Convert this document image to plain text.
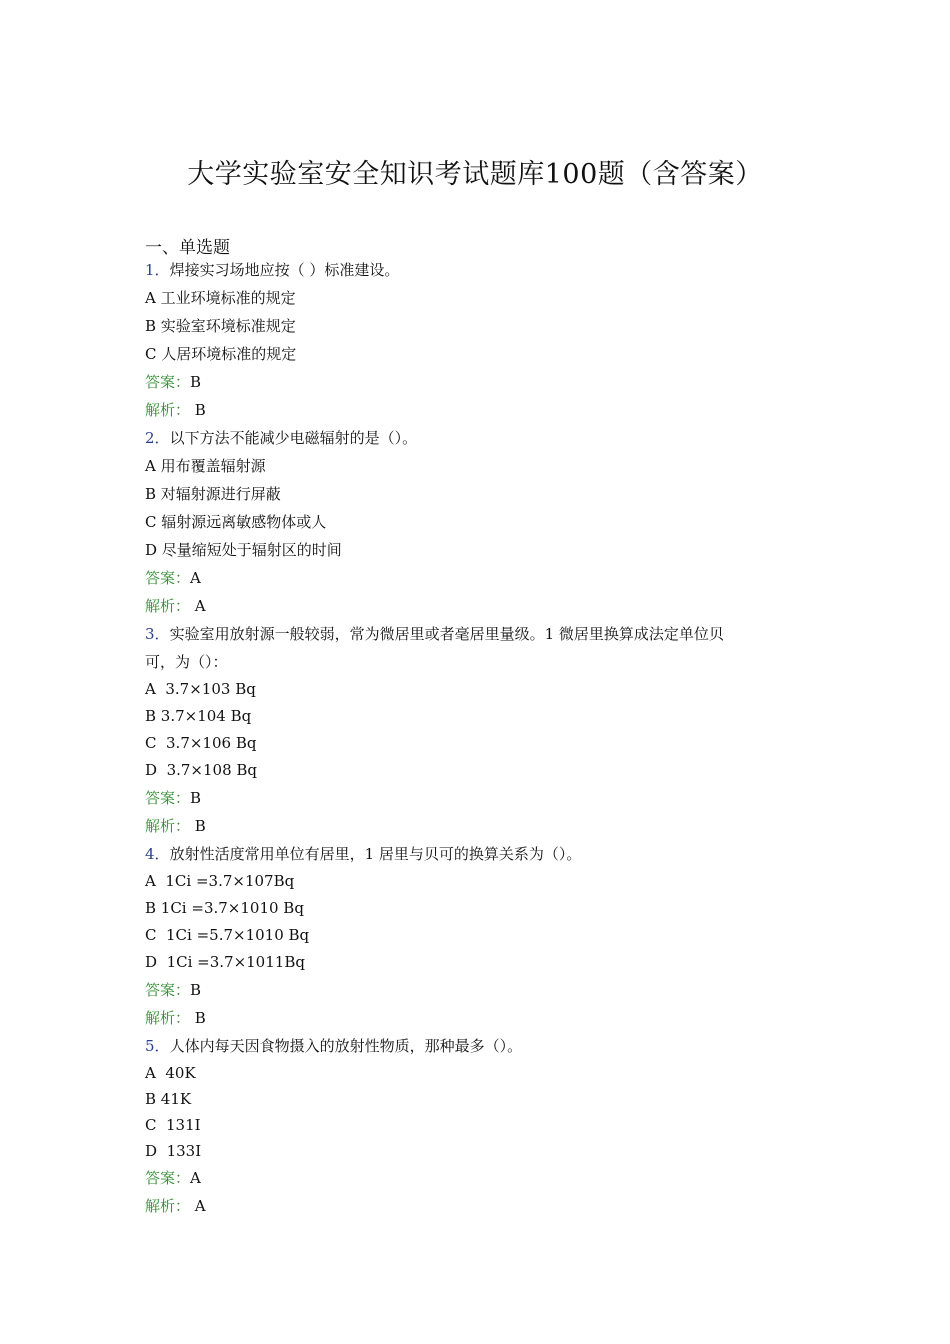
大学实验室安全知识考试题库100题（含答案）
一、单选题
1．焊接实习场地应按（ ）标准建设。
A 工业环境标准的规定
B 实验室环境标准规定
C 人居环境标准的规定
答案：B
解析： B
2．以下方法不能减少电磁辐射的是（）。
A 用布覆盖辐射源
B 对辐射源进行屏蔽
C 辐射源远离敏感物体或人
D 尽量缩短处于辐射区的时间
答案：A
解析： A
3．实验室用放射源一般较弱，常为微居里或者毫居里量级。1 微居里换算成法定单位贝
可，为（）：
A  3.7×103 Bq
B 3.7×104 Bq
C  3.7×106 Bq
D  3.7×108 Bq
答案：B
解析： B
4．放射性活度常用单位有居里，1 居里与贝可的换算关系为（）。
A  1Ci =3.7×107Bq
B 1Ci =3.7×1010 Bq
C  1Ci =5.7×1010 Bq
D  1Ci =3.7×1011Bq
答案：B
解析： B
5．人体内每天因食物摄入的放射性物质，那种最多（）。
A  40K
B 41K
C  131I
D  133I
答案：A
解析： A
